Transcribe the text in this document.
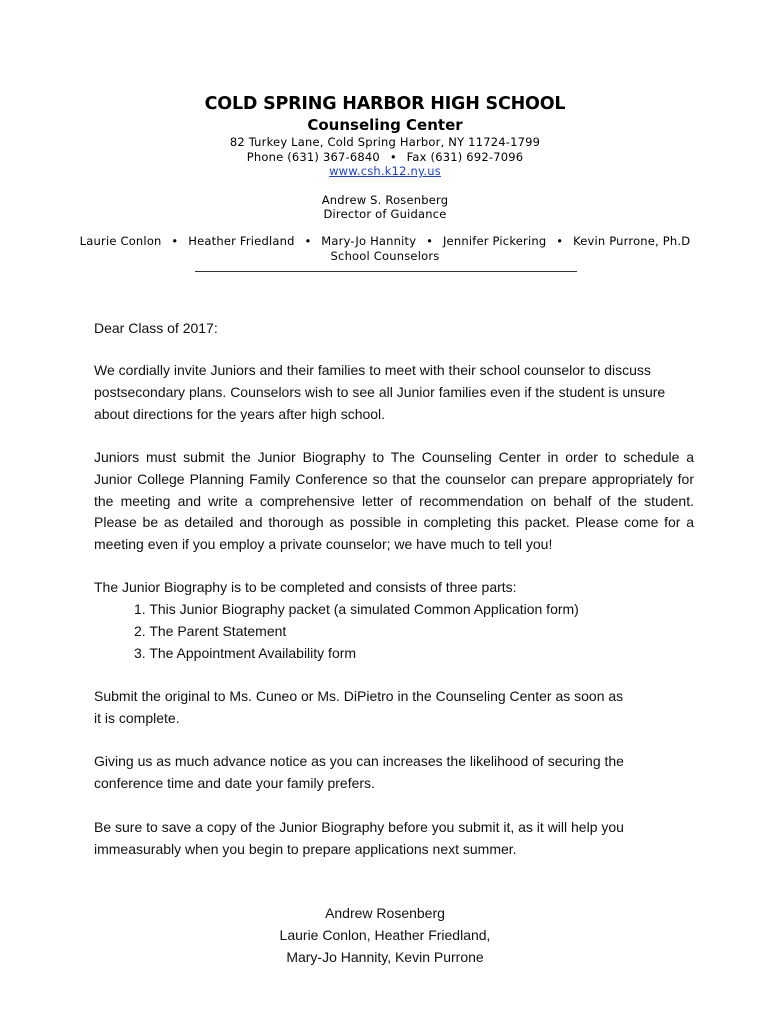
COLD SPRING HARBOR HIGH SCHOOL
Counseling Center
82 Turkey Lane, Cold Spring Harbor, NY 11724-1799
Phone (631) 367-6840 • Fax (631) 692-7096
www.csh.k12.ny.us
Andrew S. Rosenberg
Director of Guidance
Laurie Conlon • Heather Friedland • Mary-Jo Hannity • Jennifer Pickering • Kevin Purrone, Ph.D
School Counselors

Dear Class of 2017:

We cordially invite Juniors and their families to meet with their school counselor to discuss postsecondary plans. Counselors wish to see all Junior families even if the student is unsure about directions for the years after high school.

Juniors must submit the Junior Biography to The Counseling Center in order to schedule a Junior College Planning Family Conference so that the counselor can prepare appropriately for the meeting and write a comprehensive letter of recommendation on behalf of the student. Please be as detailed and thorough as possible in completing this packet. Please come for a meeting even if you employ a private counselor; we have much to tell you!

The Junior Biography is to be completed and consists of three parts:

1. This Junior Biography packet (a simulated Common Application form)
2. The Parent Statement
3. The Appointment Availability form

Submit the original to Ms. Cuneo or Ms. DiPietro in the Counseling Center as soon as it is complete.

Giving us as much advance notice as you can increases the likelihood of securing the conference time and date your family prefers.

Be sure to save a copy of the Junior Biography before you submit it, as it will help you immeasurably when you begin to prepare applications next summer.

Andrew Rosenberg
Laurie Conlon, Heather Friedland,
Mary-Jo Hannity, Kevin Purrone
